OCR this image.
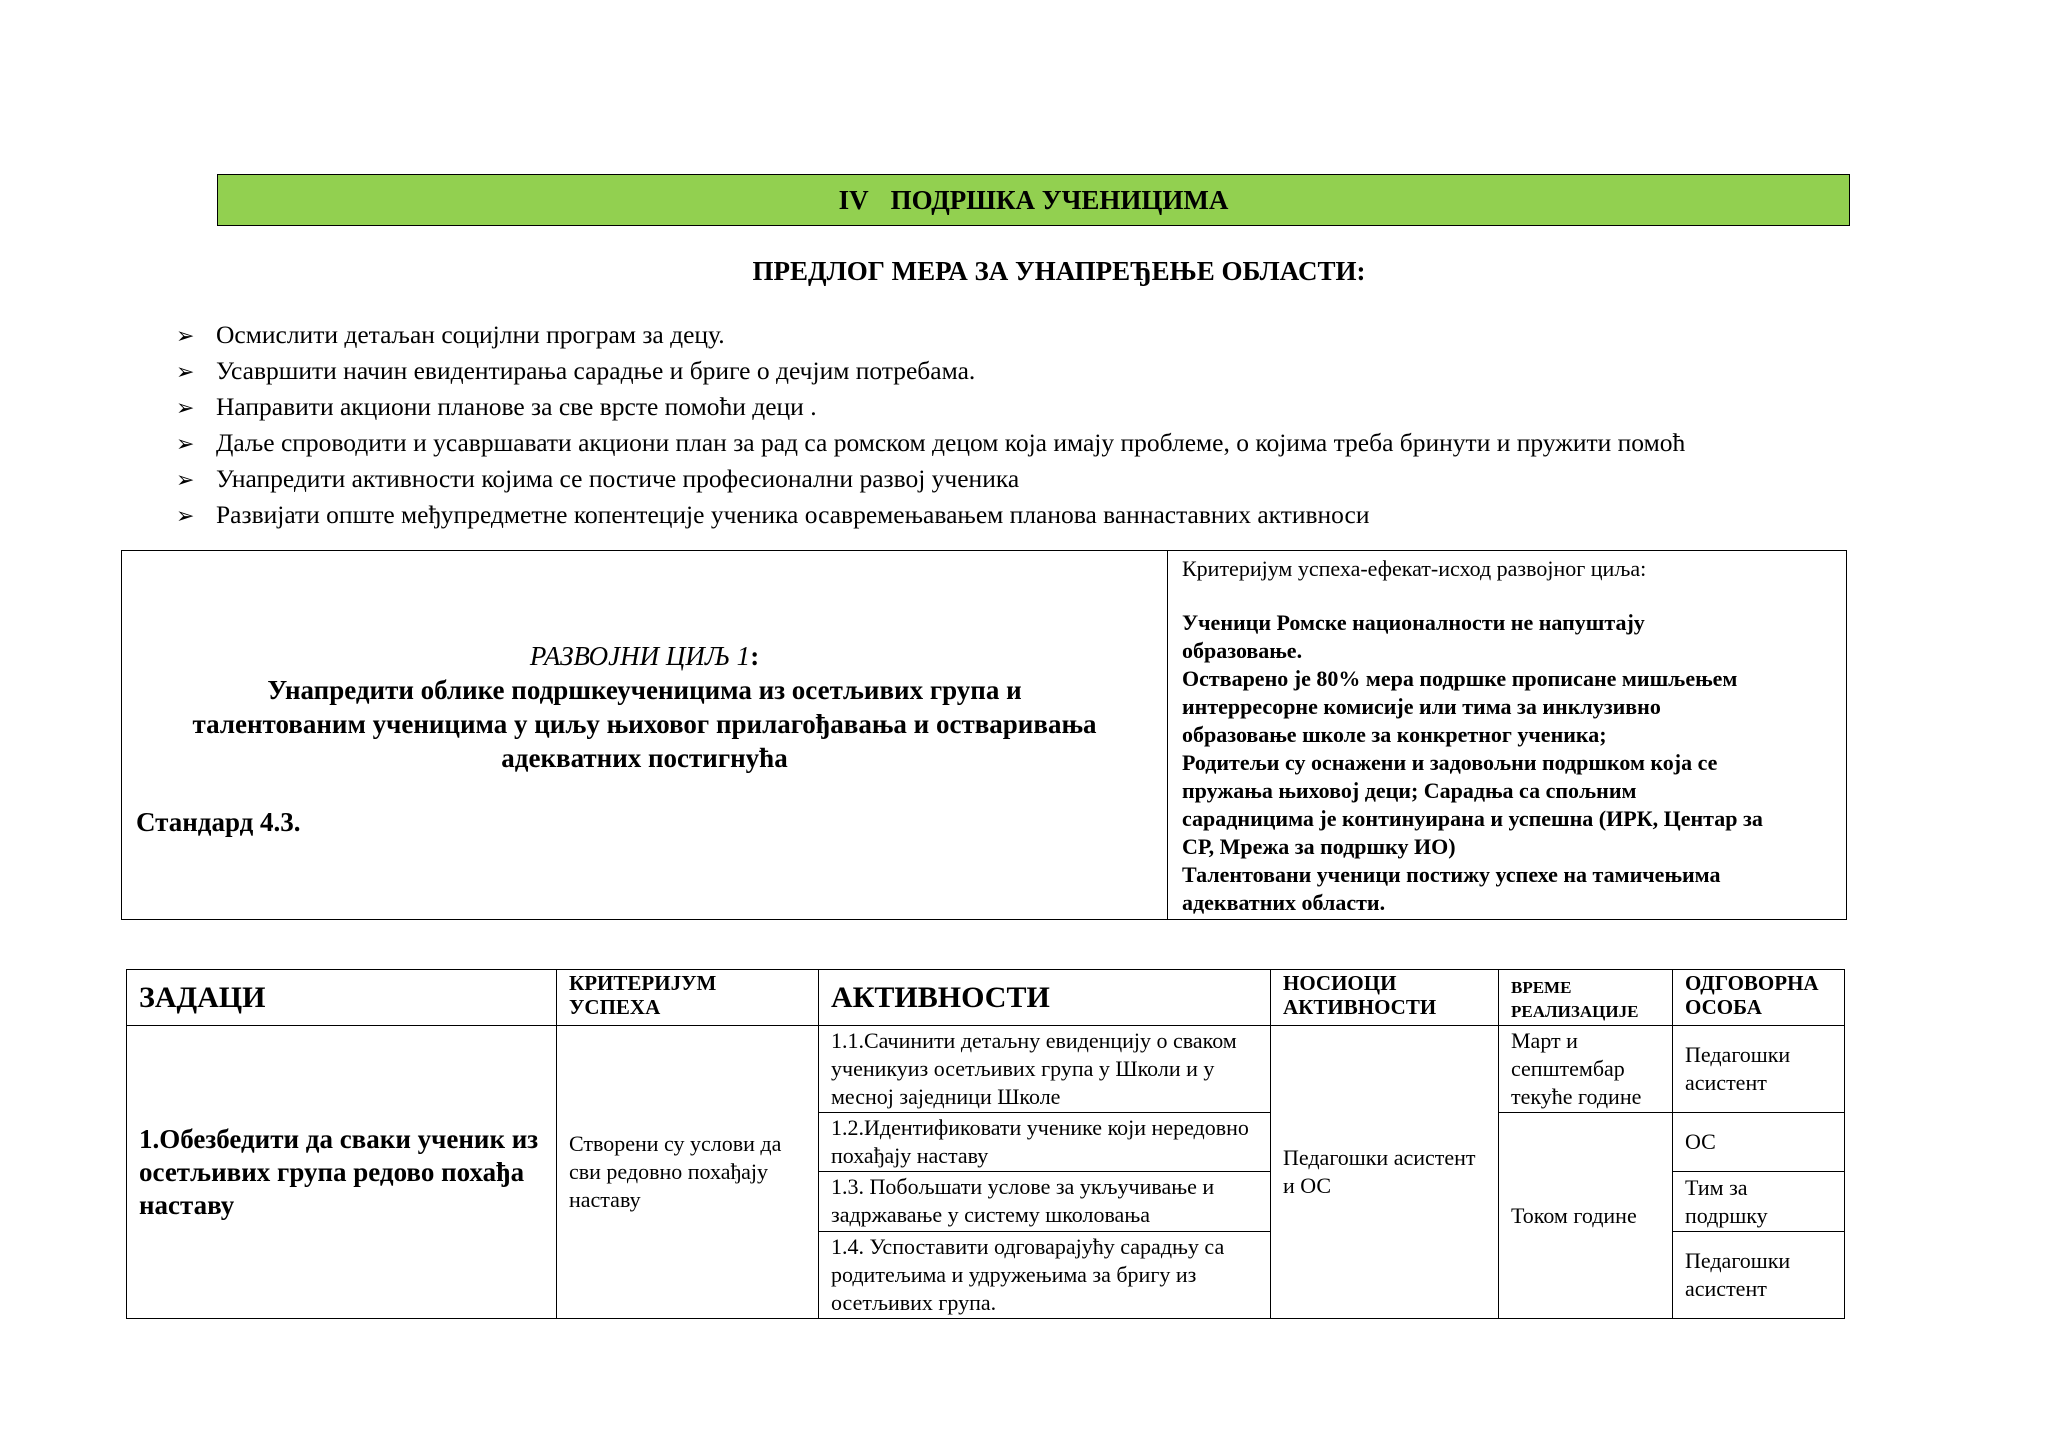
IV ПОДРШКА УЧЕНИЦИМА
ПРЕДЛОГ МЕРА ЗА УНАПРЕЂЕЊЕ ОБЛАСТИ:
➢ Осмислити детаљан социјлни програм за децу.
➢ Усавршити начин евидентирања сарадње и бриге о дечјим потребама.
➢ Направити акциони планове за све врсте помоћи деци .
➢ Даље спроводити и усавршавати акциони план за рад са ромском децом која имају проблеме, о којима треба бринути и пружити помоћ
➢ Унапредити активности којима се постиче професионални развој ученика
➢ Развијати опште међупредметне копентеције ученика осавремењавањем планова ваннаставних активноси
РАЗВОЈНИ ЦИЉ 1:
Унапредити облике подршкеученицима из осетљивих група и
талентованим ученицима у циљу њиховог прилагођавања и остваривања
адекватних постигнућа
Стандард 4.3.
Критеријум успеха-ефекат-исход развојног циља:
Ученици Ромске националности не напуштају
образовање.
Остварено је 80% мера подршке прописане мишљењем
интерресорне комисије или тима за инклузивно
образовање школе за конкретног ученика;
Родитељи су оснажени и задовољни подршком која се
пружања њиховој деци; Сарадња са спољним
сарадницима је континуирана и успешна (ИРК, Центар за
СР, Мрежа за подршку ИО)
Талентовани ученици постижу успехе на тамичењима
адекватних области.
ЗАДАЦИ	КРИТЕРИЈУМ УСПЕХА	АКТИВНОСТИ	НОСИОЦИ АКТИВНОСТИ	ВРЕМЕ РЕАЛИЗАЦИЈЕ	ОДГОВОРНА ОСОБА
1.Обезбедити да сваки ученик из осетљивих група редово похађа наставу	Створени су услови да сви редовно похађају наставу	1.1.Сачинити детаљну евиденцију о сваком ученикуиз осетљивих група у Школи и у месној заједници Школе	Педагошки асистент и ОС	Март и сепштембар текуће године	Педагошки асистент

		1.2.Идентификовати ученике који нередовно похађају наставу		Током године	ОС
		1.3. Побољшати услове за укључивање и задржавање у систему школовања			Тим за подршку
		1.4. Успоставити одговарајућу сарадњу са родитељима и удружењима за бригу из осетљивих група.			Педагошки асистент
